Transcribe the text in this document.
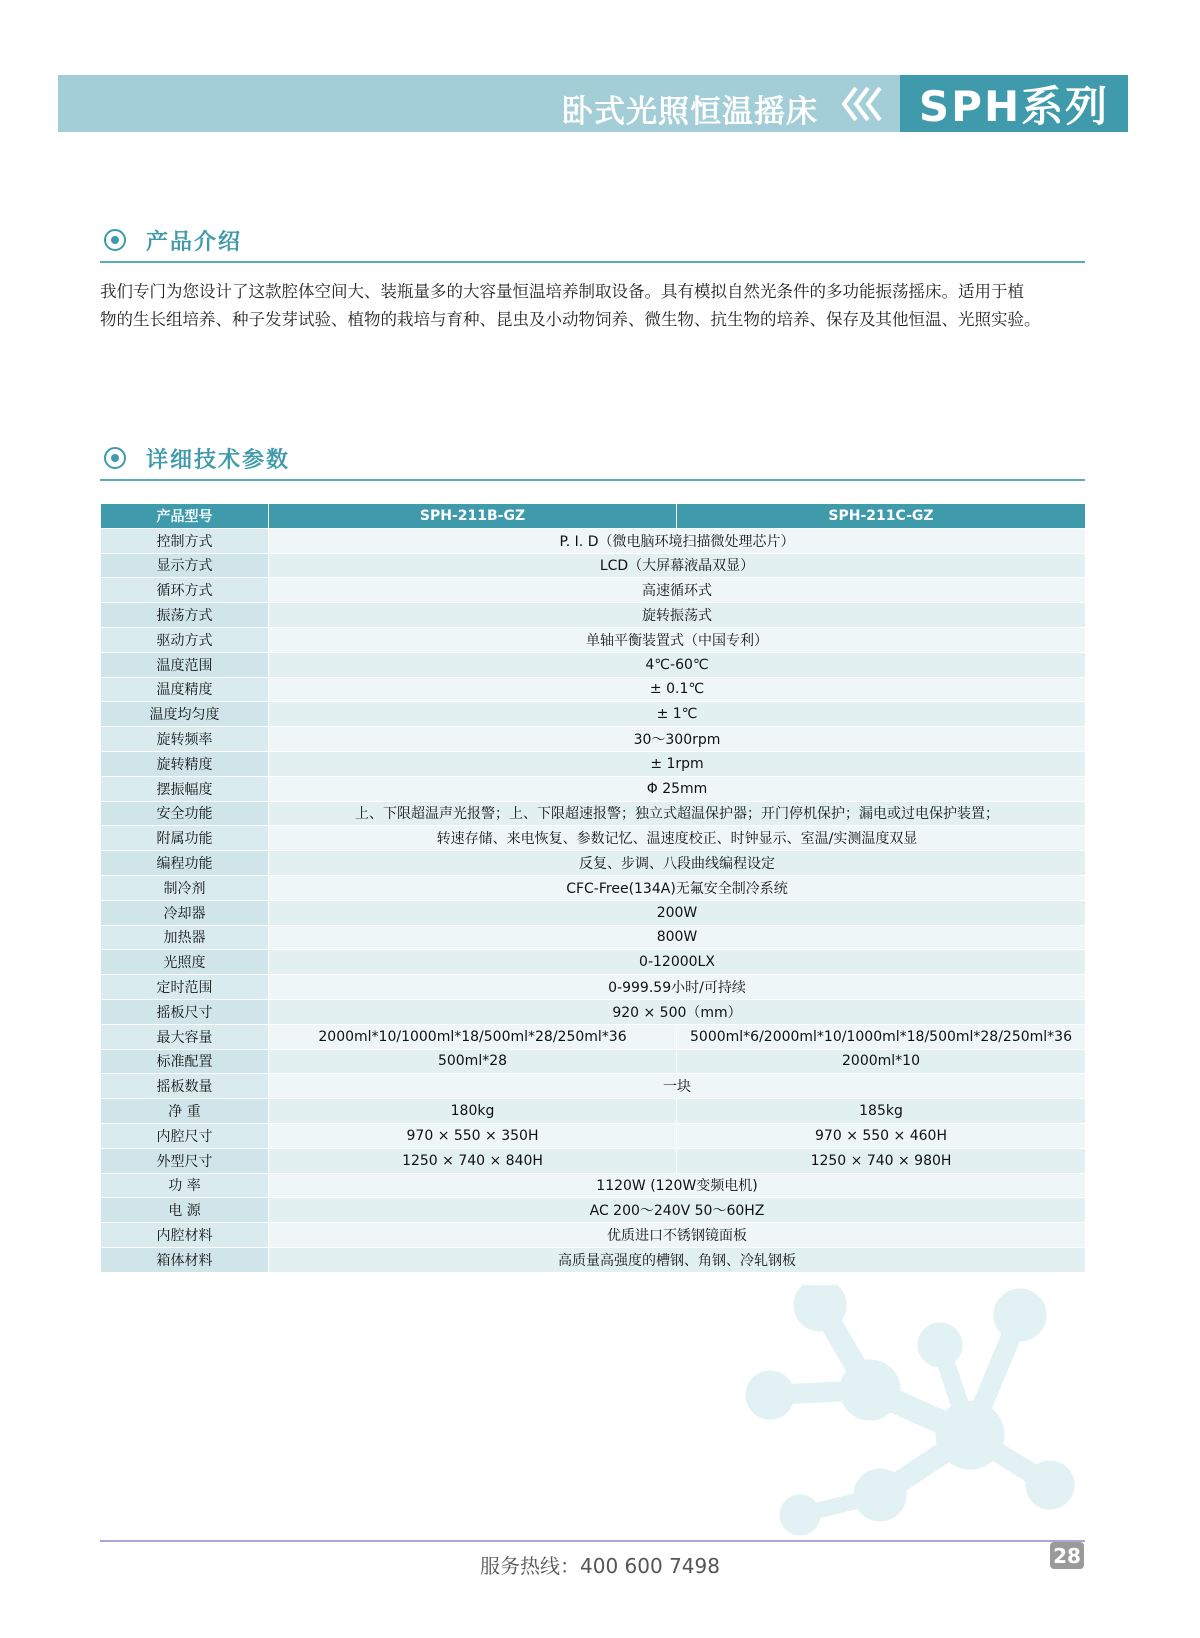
卧式光照恒温摇床	SPH系列
产品介绍

我们专门为您设计了这款腔体空间大、装瓶量多的大容量恒温培养制取设备。具有模拟自然光条件的多功能振荡摇床。适用于植

物的生长组培养、种子发芽试验、植物的栽培与育种、昆虫及小动物饲养、微生物、抗生物的培养、保存及其他恒温、光照实验。

详细技术参数
产品型号	SPH-211B-GZ	SPH-211C-GZ
控制方式	P. I. D（微电脑环境扫描微处理芯片）	
显示方式	LCD（大屏幕液晶双显）	
循环方式	高速循环式	
振荡方式	旋转振荡式	
驱动方式	单轴平衡装置式（中国专利）	
温度范围	4℃-60℃	
温度精度	± 0.1℃	
温度均匀度	± 1℃	
旋转频率	30～300rpm	
旋转精度	± 1rpm	
摆振幅度	Φ 25mm	
安全功能	上、下限超温声光报警；上、下限超速报警；独立式超温保护器；开门停机保护；漏电或过电保护装置；	
附属功能	转速存储、来电恢复、参数记忆、温速度校正、时钟显示、室温/实测温度双显	
编程功能	反复、步调、八段曲线编程设定	
制冷剂	CFC-Free(134A)无氟安全制冷系统	
冷却器	200W	
加热器	800W	
光照度	0-12000LX	
定时范围	0-999.59小时/可持续	
摇板尺寸	920 × 500（mm）	
最大容量	2000ml*10/1000ml*18/500ml*28/250ml*36	5000ml*6/2000ml*10/1000ml*18/500ml*28/250ml*36
标准配置	500ml*28	2000ml*10
摇板数量	一块	
净 重	180kg	185kg
内腔尺寸	970 × 550 × 350H	970 × 550 × 460H
外型尺寸	1250 × 740 × 840H	1250 × 740 × 980H
功 率	1120W (120W变频电机)	
电 源	AC 200～240V 50～60HZ	
内腔材料	优质进口不锈钢镜面板	
箱体材料	高质量高强度的槽钢、角钢、冷轧钢板	
服务热线：400 600 7498	28
